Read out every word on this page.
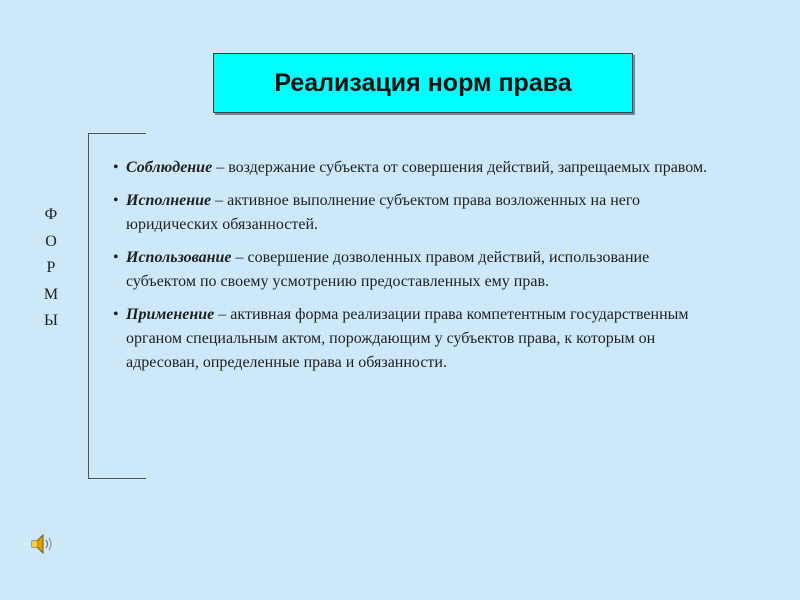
Реализация норм права
Ф
О
Р
М
Ы
• Соблюдение – воздержание субъекта от совершения действий, запрещаемых правом.
• Исполнение – активное выполнение субъектом права возложенных на него юридических обязанностей.
• Использование – совершение дозволенных правом действий, использование субъектом по своему усмотрению предоставленных ему прав.
• Применение – активная форма реализации права компетентным государственным органом специальным актом, порождающим у субъектов права, к которым он адресован, определенные права и обязанности.
